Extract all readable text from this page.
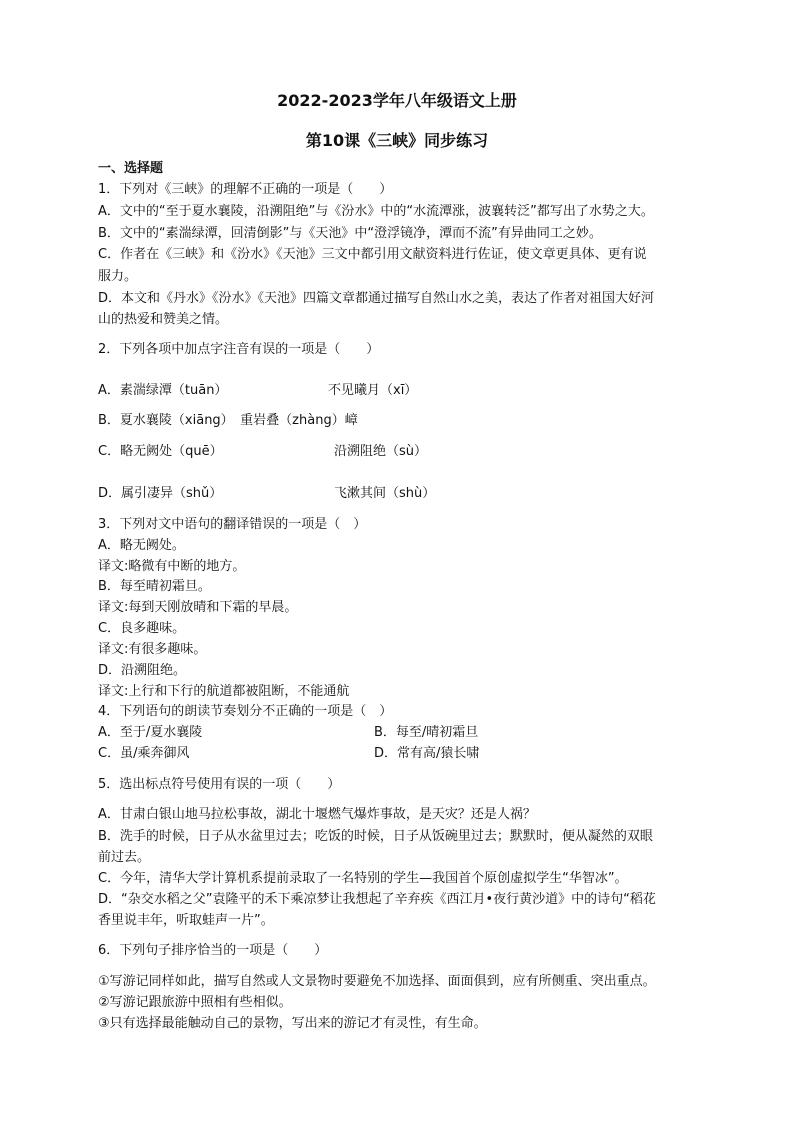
2022-2023学年八年级语文上册
第10课《三峡》同步练习
一、选择题
1．下列对《三峡》的理解不正确的一项是（　　）
A．文中的“至于夏水襄陵，沿溯阻绝”与《汾水》中的“水流潭涨，波襄转泛”都写出了水势之大。
B．文中的“素湍绿潭，回清倒影”与《天池》中“澄浮镜净，潭而不流”有异曲同工之妙。
C．作者在《三峡》和《汾水》《天池》三文中都引用文献资料进行佐证，使文章更具体、更有说
服力。
D．本文和《丹水》《汾水》《天池》四篇文章都通过描写自然山水之美，表达了作者对祖国大好河
山的热爱和赞美之情。
2．下列各项中加点字注音有误的一项是（　　）
A．素湍绿潭（tuān）	不见曦月（xī）
B．夏水襄陵（xiāng）　重岩叠（zhàng）嶂
C．略无阙处（quē）	沿溯阻绝（sù）
D．属引凄异（shǔ）	飞漱其间（shù）
3．下列对文中语句的翻译错误的一项是（　）
A．略无阙处。
译文:略微有中断的地方。
B．每至晴初霜旦。
译文:每到天刚放晴和下霜的早晨。
C．良多趣味。
译文:有很多趣味。
D．沿溯阻绝。
译文:上行和下行的航道都被阻断，不能通航
4．下列语句的朗读节奏划分不正确的一项是（　）
A．至于/夏水襄陵	B．每至/晴初霜旦
C．虽/乘奔御风	D．常有高/猿长啸
5．选出标点符号使用有误的一项（　　）
A．甘肃白银山地马拉松事故，湖北十堰燃气爆炸事故，是天灾？还是人祸？
B．洗手的时候，日子从水盆里过去；吃饭的时候，日子从饭碗里过去；默默时，便从凝然的双眼
前过去。
C．今年，清华大学计算机系提前录取了一名特别的学生—我国首个原创虚拟学生“华智冰”。
D．“杂交水稻之父”袁隆平的禾下乘凉梦让我想起了辛弃疾《西江月•夜行黄沙道》中的诗句“稻花
香里说丰年，听取蛙声一片”。
6．下列句子排序恰当的一项是（　　）
①写游记同样如此，描写自然或人文景物时要避免不加选择、面面俱到，应有所侧重、突出重点。
②写游记跟旅游中照相有些相似。
③只有选择最能触动自己的景物，写出来的游记才有灵性，有生命。
